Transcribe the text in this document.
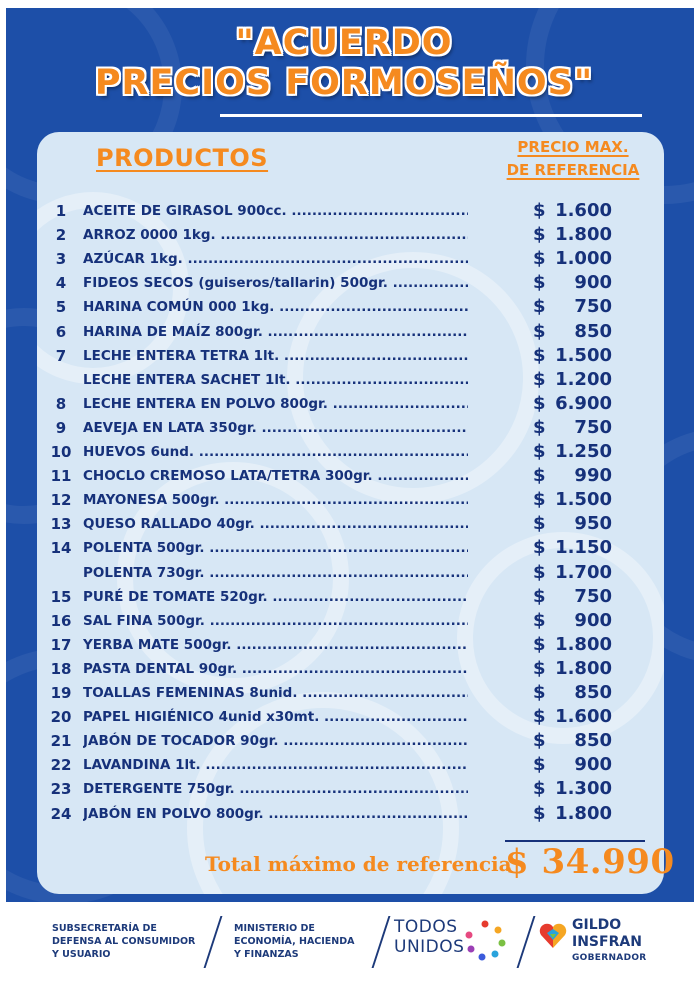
"ACUERDO
PRECIOS FORMOSEÑOS"
PRODUCTOS	PRECIO MAX.
DE REFERENCIA
1	ACEITE DE GIRASOL 900cc. .....	$ 1.600
2	ARROZ 0000 1kg. .....	$ 1.800
3	AZÚCAR 1kg. .....	$ 1.000
4	FIDEOS SECOS (guiseros/tallarin) 500gr. .....	$ 900
5	HARINA COMÚN 000 1kg. .....	$ 750
6	HARINA DE MAÍZ 800gr. .....	$ 850
7	LECHE ENTERA TETRA 1lt. .....	$ 1.500
LECHE ENTERA SACHET 1lt. .....	$ 1.200
8	LECHE ENTERA EN POLVO 800gr. .....	$ 6.900
9	AEVEJA EN LATA 350gr. .....	$ 750
10 HUEVOS 6und. .....	$ 1.250
11 CHOCLO CREMOSO LATA/TETRA 300gr. .....	$ 990
12 MAYONESA 500gr. .....	$ 1.500
13 QUESO RALLADO 40gr. .....	$ 950
14 POLENTA 500gr. .....	$ 1.150
POLENTA 730gr. .....	$ 1.700
15 PURÉ DE TOMATE 520gr. .....	$ 750
16 SAL FINA 500gr. .....	$ 900
17 YERBA MATE 500gr. .....	$ 1.800
18 PASTA DENTAL 90gr. .....	$ 1.800
19 TOALLAS FEMENINAS 8unid. .....	$ 850
20 PAPEL HIGIÉNICO 4unid x30mt. .....	$ 1.600
21 JABÓN DE TOCADOR 90gr. .....	$ 850
22 LAVANDINA 1lt. .....	$ 900
23 DETERGENTE 750gr. .....	$ 1.300
24 JABÓN EN POLVO 800gr. .....	$ 1.800
Total máximo de referencia
$ 34.990
SUBSECRETARÍA DE
DEFENSA AL CONSUMIDOR
Y USUARIO
MINISTERIO DE
ECONOMÍA, HACIENDA
Y FINANZAS
TODOS
UNIDOS
GILDO
INSFRAN
GOBERNADOR
